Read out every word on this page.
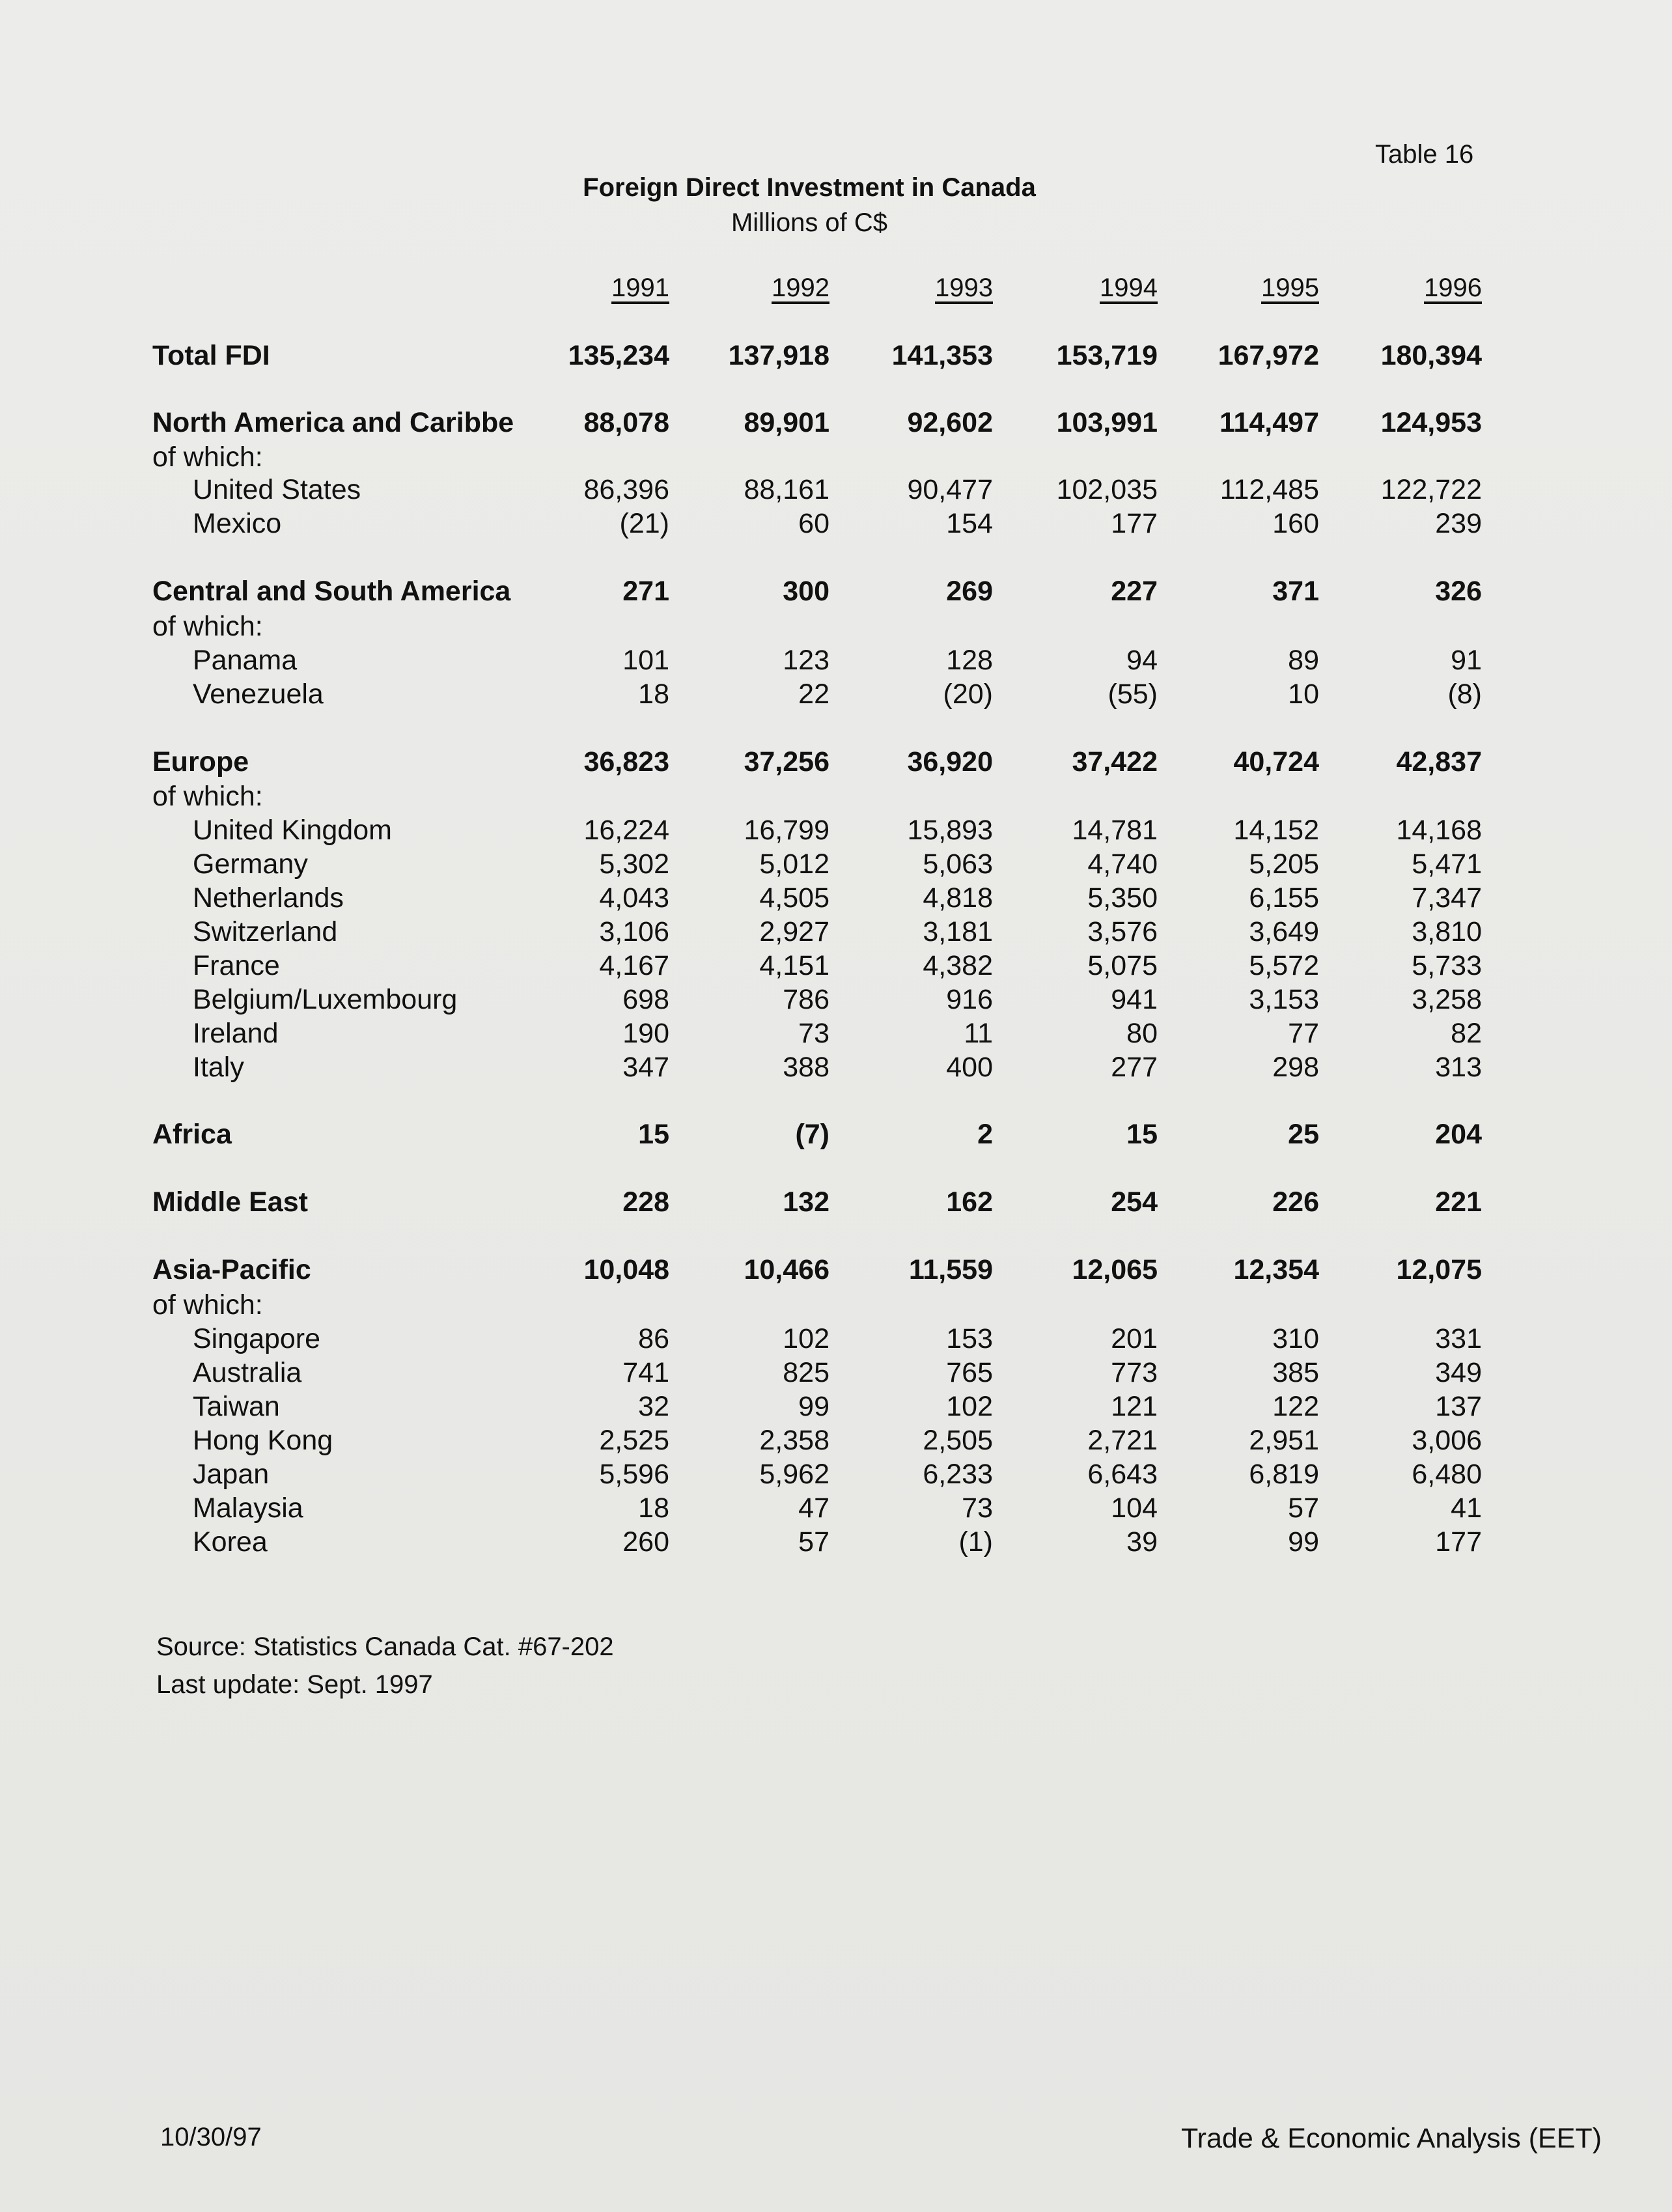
Table 16
Foreign Direct Investment in Canada
Millions of C$
1991	1992	1993	1994	1995	1996
Total FDI	135,234	137,918	141,353	153,719	167,972	180,394
North America and Caribbe	88,078	89,901	92,602	103,991	114,497	124,953
of which:
United States	86,396	88,161	90,477	102,035	112,485	122,722
Mexico	(21)	60	154	177	160	239
Central and South America	271	300	269	227	371	326
of which:
Panama	101	123	128	94	89	91
Venezuela	18	22	(20)	(55)	10	(8)
Europe	36,823	37,256	36,920	37,422	40,724	42,837
of which:
United Kingdom	16,224	16,799	15,893	14,781	14,152	14,168
Germany	5,302	5,012	5,063	4,740	5,205	5,471
Netherlands	4,043	4,505	4,818	5,350	6,155	7,347
Switzerland	3,106	2,927	3,181	3,576	3,649	3,810
France	4,167	4,151	4,382	5,075	5,572	5,733
Belgium/Luxembourg	698	786	916	941	3,153	3,258
Ireland	190	73	11	80	77	82
Italy	347	388	400	277	298	313
Africa	15	(7)	2	15	25	204
Middle East	228	132	162	254	226	221
Asia-Pacific	10,048	10,466	11,559	12,065	12,354	12,075
of which:
Singapore	86	102	153	201	310	331
Australia	741	825	765	773	385	349
Taiwan	32	99	102	121	122	137
Hong Kong	2,525	2,358	2,505	2,721	2,951	3,006
Japan	5,596	5,962	6,233	6,643	6,819	6,480
Malaysia	18	47	73	104	57	41
Korea	260	57	(1)	39	99	177
Source: Statistics Canada Cat. #67-202
Last update: Sept. 1997
10/30/97	Trade & Economic Analysis (EET)
